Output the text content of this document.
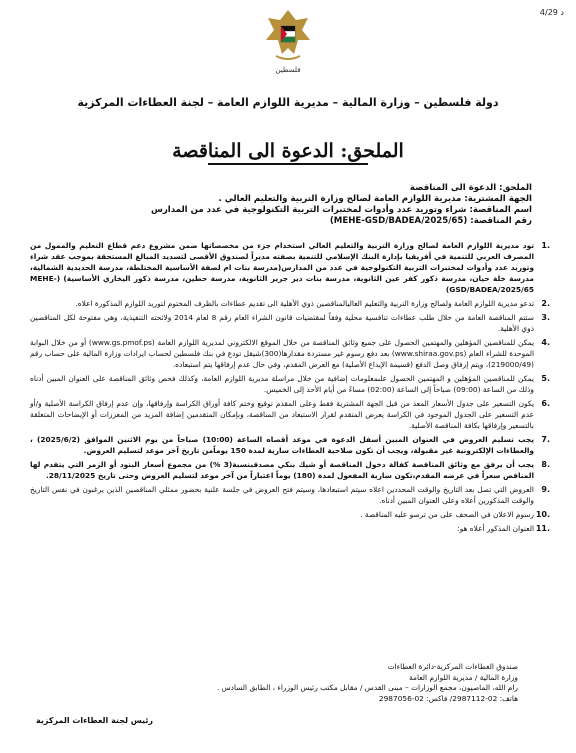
د 4/29
فلسطين
دولة فلسطين – وزارة المالية – مديرية اللوازم العامة – لجنة العطاءات المركزية
الملحق: الدعوة الى المناقصة
الملحق: الدعوة الى المناقصة
الجهة المشترية: مديرية اللوازم العامة لصالح وزارة التربية والتعليم العالي .
اسم المناقصة: شراء وتوريد عدد وأدوات لمختبرات التربية التكنولوجية في عدد من المدارس
رقم المناقصة: (MEHE-GSD/BADEA/2025/65)
1.
تود مديرية اللوازم العامة لصالح وزارة التربية والتعليم العالي استخدام جزء من مخصصاتها ضمن مشروع دعم قطاع التعليم والممول من المصرف العربي للتنمية في أفريقيا بإدارة البنك الإسلامي للتنمية بصفته مديراً لصندوق الأقصى لتسديد المبالغ المستحقة بموجب عقد شراء وتوريد عدد وأدوات لمختبرات التربية التكنولوجية في عدد من المدارس(مدرسة بنات ام لصفة الأساسية المختلطة، مدرسة الحديدية الشمالية، مدرسة خلة حيان، مدرسة ذكور كفر عين الثانوية، مدرسة بنات دير جرير الثانوية، مدرسة حطين، مدرسة ذكور اليخاري الأساسية) (MEHE-GSD/BADEA/2025/65)
2.
تدعو مديرية اللوازم العامة ولصالح وزارة التربية والتعليم العاليالمناقصين ذوي الأهلية الى تقديم عطاءات بالظرف المختوم لتوريد اللوازم المذكورة اعلاه.
3.
ستتم المناقصة العامة من خلال طلب عطاءات تنافسية محلية وفقاً لمقتضيات قانون الشراء العام رقم 8 لعام 2014 ولائحته التنفيذية، وهي مفتوحة لكل المناقصين ذوي الأهلية.
4.
يمكن للمناقصين المؤهلين والمهتمين الحصول على جميع وثائق المناقصة من خلال الموقع الالكتروني لمديرية اللوازم العامة (www.gs.pmof.ps) أو من خلال البوابة الموحدة للشراء العام (www.shiraa.gov.ps) بعد دفع رسوم غير مستردة مقدارها(300)شيقل تودع في بنك فلسطين لحساب ايرادات وزارة المالية على حساب رقم (219000/49)، ويتم إرفاق وصل الدفع (قسيمة الإيداع الأصلية) مع العرض المقدم، وفي حال عدم إرفاقها يتم استبعاده.
5.
يمكن للمناقصين المؤهلين و المهتمين الحصول علىمعلومات إضافية من خلال مراسلة مديرية اللوازم العامة، وكذلك فحص وثائق المناقصة على العنوان المبين أدناه وذلك من الساعة (09:00) صباحاً إلى الساعة (02:00) مساءً من أيام الأحد إلى الخميس.
6.
يكون التسعير على جدول الأسعار المعد من قبل الجهة المشترية فقط وعلى المقدم توقيع وختم كافة أوراق الكراسة وإرفاقها، وإن عدم إرفاق الكراسة الأصلية و/أو عدم التسعير على الجدول الموجود في الكراسة يعرض المتقدم لقرار الاستبعاد من المناقصة، وبإمكان المتقدمين إضافة المزيد من المعززات أو الإيضاحات المتعلقة بالتسعير وإرفاقها بكافة المناقصة الأصلية.
7.
يجب تسليم العروض في العنوان المبين أسفل الدعوة في موعد أقصاه الساعة (10:00) صباحاً من يوم الاثنين الموافق (2025/6/2) ، والعطاءات الإلكترونية غير مقبولة، ويجب أن تكون صلاحية العطاءات سارية لمدة 150 يوماًمن تاريخ آخر موعد لتسليم العروض.
8.
يجب أن يرفق مع وثائق المناقصة كفالة دخول المناقصة أو شيك بنكي مصدقبنسبة(3 %) من مجموع أسعار البنود أو الزمر التي يتقدم لها المناقص سعراً في عرضه المقدم،تكون سارية المفعول لمدة (180) يوماً اعتباراً من آخر موعد لتسليم العروض وحتى تاريخ 28/11/2025.
9.
العروض التي تصل بعد التاريخ والوقت المحددين اعلاه سيتم استبعادها، وسيتم فتح العروض في جلسة علنية بحضور ممثلي المناقصين الذين يرغبون في نفس التاريخ والوقت المذكورين أعلاه وعلى العنوان المبين أدناه.
10.
رسوم الاعلان في الصحف على من ترسو عليه المناقصة .
11.
العنوان المذكور أعلاه هو:
صندوق العطاءات المركزية-دائرة العطاءات
وزارة المالية / مديرية اللوازم العامة
رام الله، الماصيون، مجمع الوزارات – مبنى القدس / مقابل مكتب رئيس الوزراء ، الطابق السادس .
هاتف: 02-2987112/ فاكس: 02-2987056
رئيس لجنة العطاءات المركزية
